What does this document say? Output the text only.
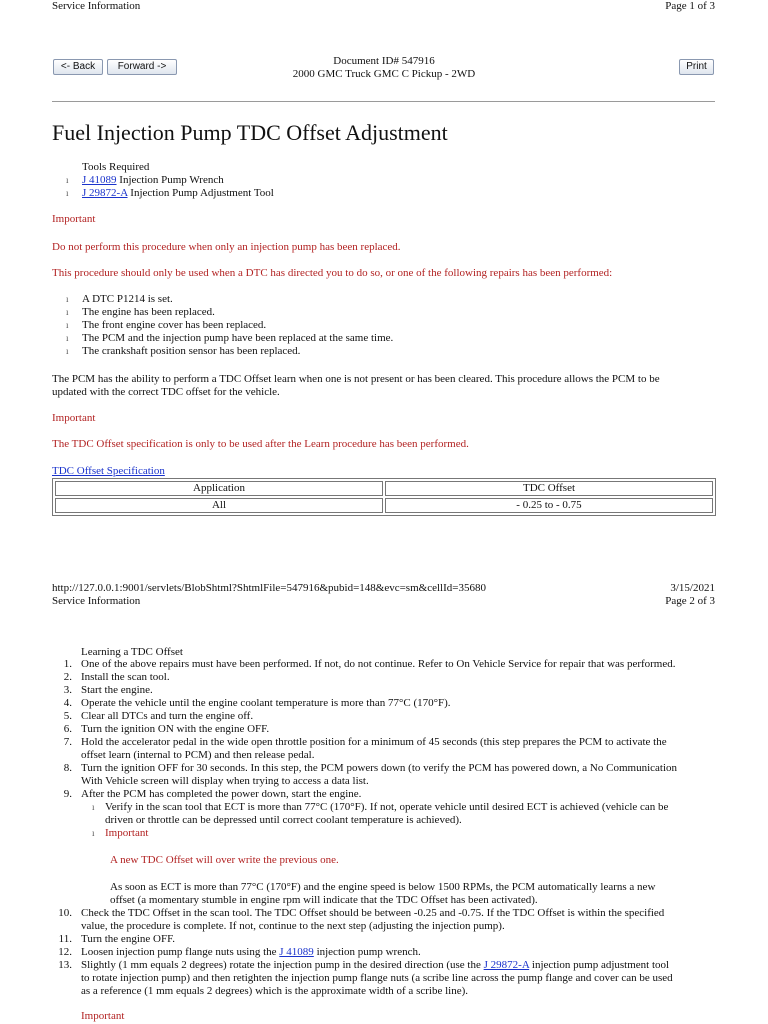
Service Information	Page 1 of 3
<- Back	Forward ->	Print
Document ID# 547916
2000 GMC Truck GMC C Pickup - 2WD
Fuel Injection Pump TDC Offset Adjustment
Tools Required
ı J 41089 Injection Pump Wrench
ı J 29872-A Injection Pump Adjustment Tool
Important
Do not perform this procedure when only an injection pump has been replaced.
This procedure should only be used when a DTC has directed you to do so, or one of the following repairs has been performed:
ı A DTC P1214 is set.
ı The engine has been replaced.
ı The front engine cover has been replaced.
ı The PCM and the injection pump have been replaced at the same time.
ı The crankshaft position sensor has been replaced.
The PCM has the ability to perform a TDC Offset learn when one is not present or has been cleared. This procedure allows the PCM to be
updated with the correct TDC offset for the vehicle.
Important
The TDC Offset specification is only to be used after the Learn procedure has been performed.
TDC Offset Specification
Application	TDC Offset
All	- 0.25 to - 0.75
http://127.0.0.1:9001/servlets/BlobShtml?ShtmlFile=547916&pubid=148&evc=sm&cellId=35680	3/15/2021
Service Information	Page 2 of 3
Learning a TDC Offset
1. One of the above repairs must have been performed. If not, do not continue. Refer to On Vehicle Service for repair that was performed.
2. Install the scan tool.
3. Start the engine.
4. Operate the vehicle until the engine coolant temperature is more than 77°C (170°F).
5. Clear all DTCs and turn the engine off.
6. Turn the ignition ON with the engine OFF.
7. Hold the accelerator pedal in the wide open throttle position for a minimum of 45 seconds (this step prepares the PCM to activate the
offset learn (internal to PCM) and then release pedal.
8. Turn the ignition OFF for 30 seconds. In this step, the PCM powers down (to verify the PCM has powered down, a No Communication
With Vehicle screen will display when trying to access a data list.
9. After the PCM has completed the power down, start the engine.
ı Verify in the scan tool that ECT is more than 77°C (170°F). If not, operate vehicle until desired ECT is achieved (vehicle can be
driven or throttle can be depressed until correct coolant temperature is achieved).
ı Important
A new TDC Offset will over write the previous one.
As soon as ECT is more than 77°C (170°F) and the engine speed is below 1500 RPMs, the PCM automatically learns a new
offset (a momentary stumble in engine rpm will indicate that the TDC Offset has been activated).
10. Check the TDC Offset in the scan tool. The TDC Offset should be between -0.25 and -0.75. If the TDC Offset is within the specified
value, the procedure is complete. If not, continue to the next step (adjusting the injection pump).
11. Turn the engine OFF.
12. Loosen injection pump flange nuts using the J 41089 injection pump wrench.
13. Slightly (1 mm equals 2 degrees) rotate the injection pump in the desired direction (use the J 29872-A injection pump adjustment tool
to rotate injection pump) and then retighten the injection pump flange nuts (a scribe line across the pump flange and cover can be used
as a reference (1 mm equals 2 degrees) which is the approximate width of a scribe line).
Important
